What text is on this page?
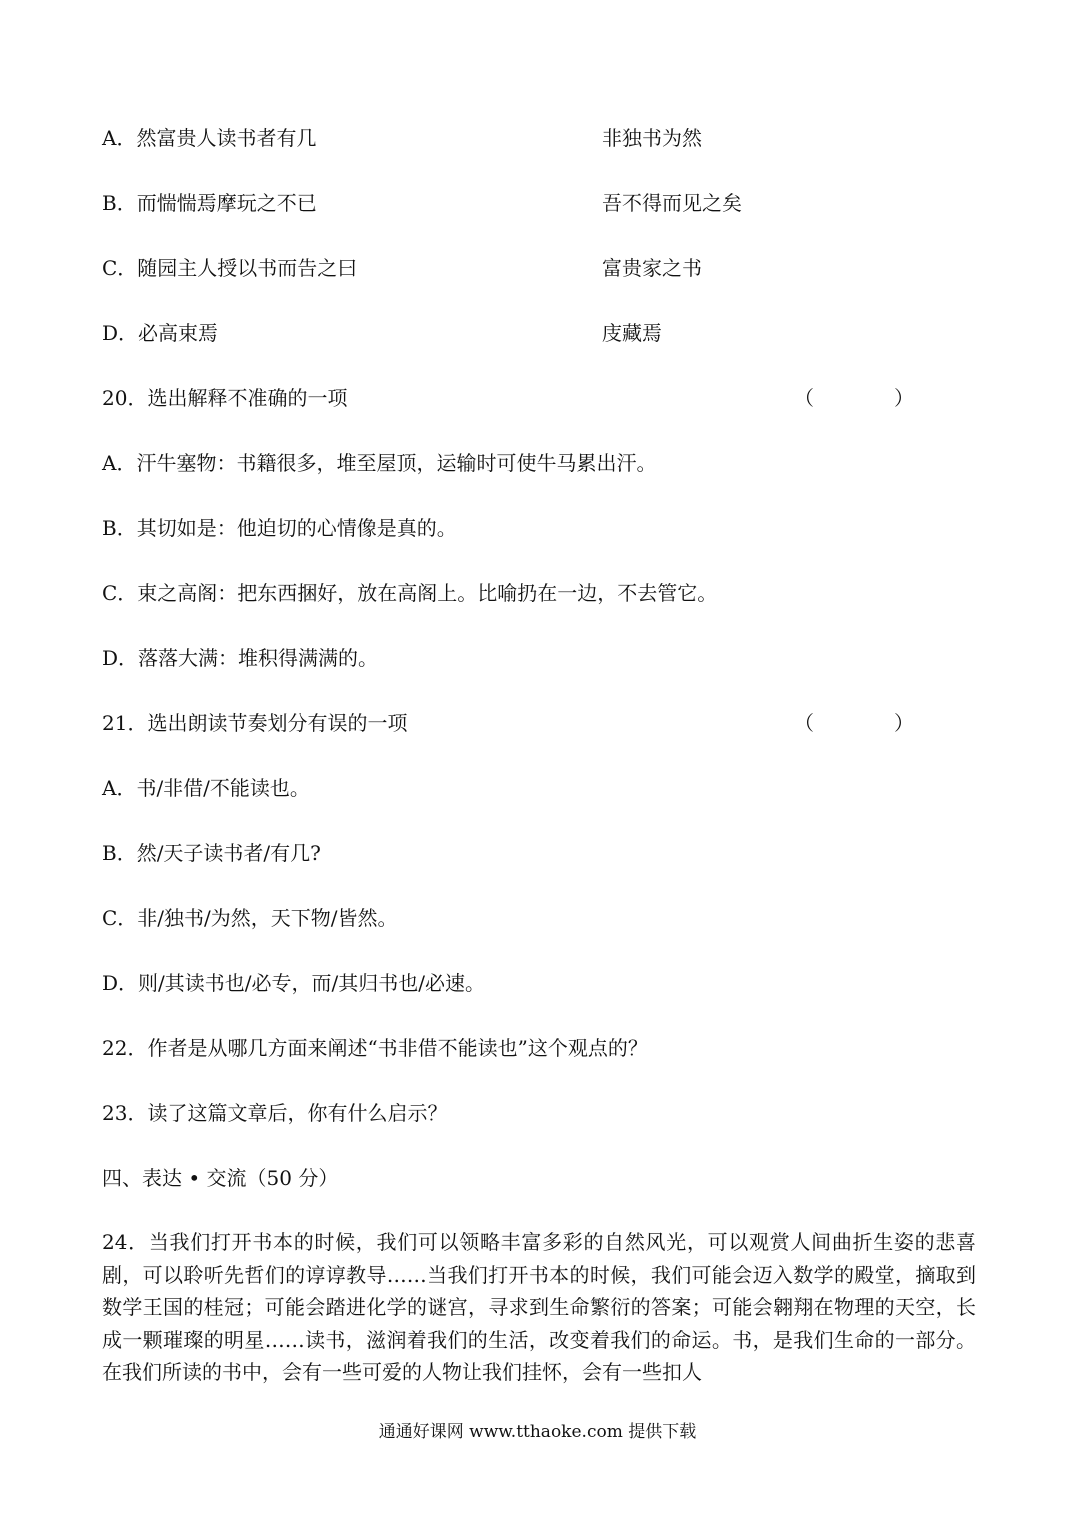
A．然富贵人读书者有几	非独书为然
B．而惴惴焉摩玩之不已	吾不得而见之矣
C．随园主人授以书而告之曰	富贵家之书
D．必高束焉	庋藏焉
20．选出解释不准确的一项	（　　　　）
A．汗牛塞物：书籍很多，堆至屋顶，运输时可使牛马累出汗。
B．其切如是：他迫切的心情像是真的。
C．束之高阁：把东西捆好，放在高阁上。比喻扔在一边，不去管它。
D．落落大满：堆积得满满的。
21．选出朗读节奏划分有误的一项	（　　　　）
A．书/非借/不能读也。
B．然/天子读书者/有几?
C．非/独书/为然，天下物/皆然。
D．则/其读书也/必专，而/其归书也/必速。
22．作者是从哪几方面来阐述“书非借不能读也”这个观点的？
23．读了这篇文章后，你有什么启示？
四、表达 • 交流（50 分）
24．当我们打开书本的时候，我们可以领略丰富多彩的自然风光，可以观赏人间曲折生姿的悲喜剧，可以聆听先哲们的谆谆教导……当我们打开书本的时候，我们可能会迈入数学的殿堂，摘取到数学王国的桂冠；可能会踏进化学的谜宫，寻求到生命繁衍的答案；可能会翱翔在物理的天空，长成一颗璀璨的明星……读书，滋润着我们的生活，改变着我们的命运。书，是我们生命的一部分。在我们所读的书中，会有一些可爱的人物让我们挂怀，会有一些扣人
通通好课网 www.tthaoke.com 提供下载
